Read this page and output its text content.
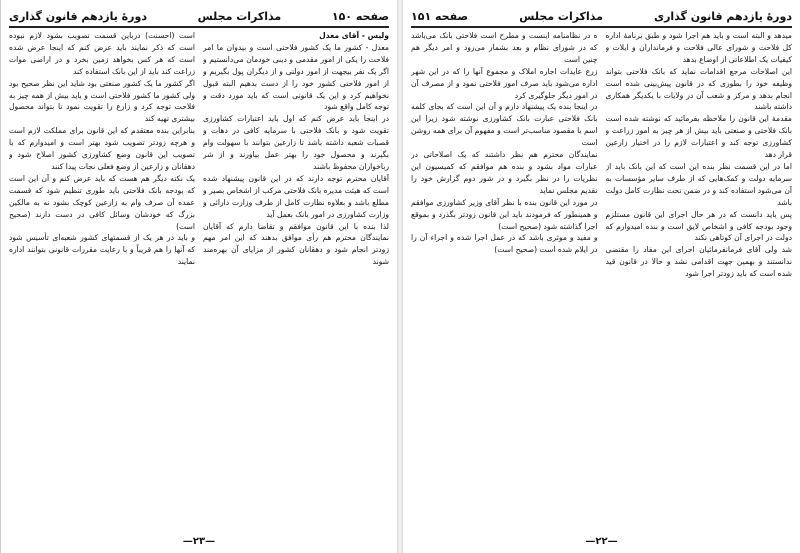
صفحه ۱۵۰
مذاکرات مجلس
دورهٔ یازدهم قانون گذاری

ولیس - آقای معدل

معدل - کشور ما یک کشور فلاحتی است و بیدوان ما امر فلاحت را یکی از امور مقدمی و دینی خودمان می‌دانستیم و اگر یک نفر بیجهت از امور دولتی و از دیگران پول بگیریم و از امور فلاحتی کشور خود را از دست بدهیم البته قبول نخواهیم کرد و این یک قانونی است که باید مورد دقت و توجه کامل واقع شود

در اینجا باید عرض کنم که اول باید اعتبارات کشاورزی تقویت شود و بانک فلاحتی با سرمایه کافی در دهات و قصبات شعبه داشته باشد تا زارعین بتوانند با سهولت وام بگیرند و محصول خود را بهتر عمل بیاورند و از شر رباخواران محفوظ باشند

آقایان محترم توجه دارند که در این قانون پیشنهاد شده است که هیئت مدیره بانک فلاحتی مرکب از اشخاص بصیر و مطلع باشد و بعلاوه نظارت کامل از طرف وزارت دارائی و وزارت کشاورزی در امور بانک بعمل آید

لذا بنده با این قانون موافقم و تقاضا دارم که آقایان نمایندگان محترم هم رأی موافق بدهند که این امر مهم زودتر انجام شود و دهقانان کشور از مزایای آن بهره‌مند شوند

است (احسنت) درباین قسمت تصویب بشود لازم نبوده است که ذکر نمایند باید عرض کنم که اینجا عرض شده است که هر کس بخواهد زمین بخرد و در اراضی موات زراعت کند باید از این بانک استفاده کند

اگر کشور ما یک کشور صنعتی بود شاید این نظر صحیح بود ولی کشور ما کشور فلاحتی است و باید بیش از همه چیز به فلاحت توجه کرد و زارع را تقویت نمود تا بتواند محصول بیشتری تهیه کند

بنابراین بنده معتقدم که این قانون برای مملکت لازم است و هرچه زودتر تصویب شود بهتر است و امیدوارم که با تصویب این قانون وضع کشاورزی کشور اصلاح شود و دهقانان و زارعین از وضع فعلی نجات پیدا کنند

یک نکته دیگر هم هست که باید عرض کنم و آن این است که بودجه بانک فلاحتی باید طوری تنظیم شود که قسمت عمده آن صرف وام به زارعین کوچک بشود نه به مالکین بزرگ که خودشان وسائل کافی در دست دارند (صحیح است)

و باید در هر یک از قسمتهای کشور شعبه‌ای تأسیس شود که آنها را هم قریباً و با رعایت مقررات قانونی بتوانند اداره نمایند

—۲۳—
دورهٔ یازدهم قانون گذاری
مذاکرات مجلس
صفحه ۱۵۱

میدهد و البته است و باید هم اجرا شود و طبق برنامهٔ اداره کل فلاحت و شورای عالی فلاحت و فرمانداران و ایلات و کیفیات یک اطلاعاتی از اوضاع بدهد

این اصلاحات مرجع اقدامات نماید که بانک فلاحتی بتواند وظیفه خود را بطوری که در قانون پیش‌بینی شده است انجام بدهد و مرکز و شعب آن در ولایات با یکدیگر همکاری داشته باشند

مقدمهٔ این قانون را ملاحظه بفرمائید که نوشته شده است بانک فلاحتی و صنعتی باید بیش از هر چیز به امور زراعت و کشاورزی توجه کند و اعتبارات لازم را در اختیار زارعین قرار دهد

اما در این قسمت نظر بنده این است که این بانک باید از سرمایه دولت و کمک‌هایی که از طرف سایر مؤسسات به آن می‌شود استفاده کند و در ضمن تحت نظارت کامل دولت باشد

پس باید دانست که در هر حال اجرای این قانون مستلزم وجود بودجه کافی و اشخاص لایق است و بنده امیدوارم که دولت در اجرای آن کوتاهی نکند

شد ولی آقای فرمانفرمائیان اجرای این مفاد را مقتضی ندانستند و بهمین جهت اقدامی نشد و حالا در قانون قید شده است که باید زودتر اجرا شود

ه در نظامنامه اینست و مطرح است فلاحتی بانک می‌باشد که در شورای نظام و بعد بشمار می‌رود و امر دیگر هم چنین است

زرع عایدات اجاره املاک و مجموع آنها را که در این شهر اداره می‌شود باید صرف امور فلاحتی نمود و از مصرف آن در امور دیگر جلوگیری کرد

در اینجا بنده یک پیشنهاد دارم و آن این است که بجای کلمه بانک فلاحتی عبارت بانک کشاورزی نوشته شود زیرا این اسم با مقصود مناسب‌تر است و مفهوم آن برای همه روشن است

نمایندگان محترم هم نظر داشتند که یک اصلاحاتی در عبارات مواد بشود و بنده هم موافقم که کمیسیون این نظریات را در نظر بگیرد و در شور دوم گزارش خود را تقدیم مجلس نماید

در مورد این قانون بنده با نظر آقای وزیر کشاورزی موافقم و همینطور که فرمودند باید این قانون زودتر بگذرد و بموقع اجرا گذاشته شود (صحیح است)

و مفید و موثری باشد که در عمل اجرا شده و اجراء آن را در ایلام شده است (صحیح است)

—۲۲—
